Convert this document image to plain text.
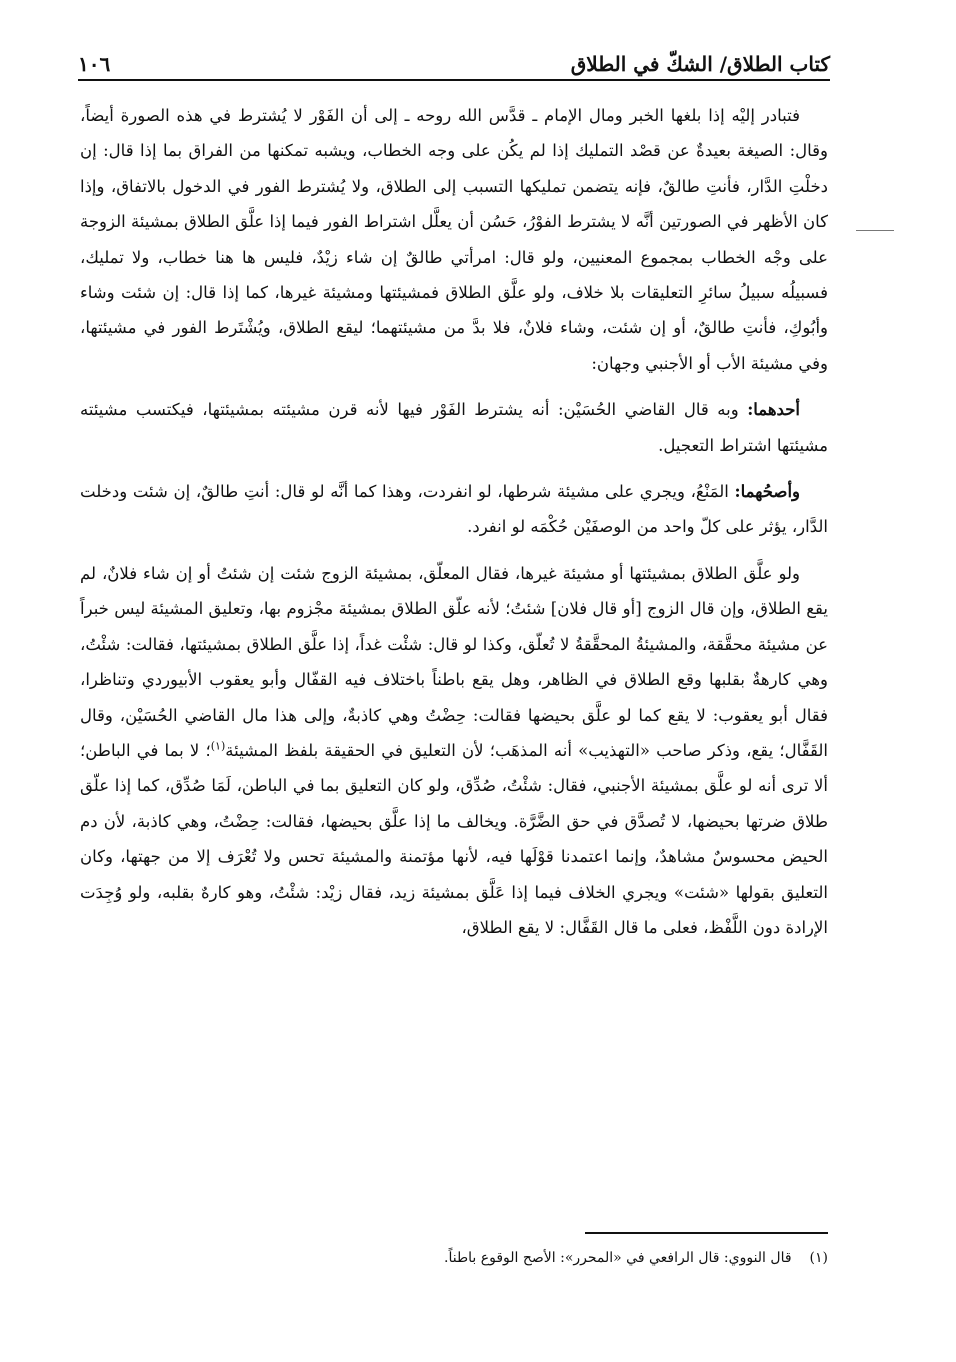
كتاب الطلاق/ الشكّ في الطلاق
١٠٦

فتبادر إليْه إذا بلغها الخبر ومال الإمام ـ قدَّس الله روحه ـ إلى أن الفَوْر لا يُشترط في هذه الصورة أيضاً، وقال: الصيغة بعيدةٌ عن قصْد التمليك إذا لم يكُن على وجه الخطاب، ويشبه تمكنها من الفراق بما إذا قال: إن دخلْتِ الدَّار، فأنتِ طالقٌ، فإنه يتضمن تمليكها التسبب إلى الطلاق، ولا يُشترط الفور في الدخول بالاتفاق، وإذا كان الأظهر في الصورتين أنَّه لا يشترط الفوْرُ، حَسُن أن يعلَّل اشتراط الفور فيما إذا علَّق الطلاق بمشيئة الزوجة على وجْه الخطاب بمجموع المعنيين، ولو قال: امرأتي طالقٌ إن شاء زيْدٌ، فليس ها هنا خطاب، ولا تمليك، فسبيلُه سبيلُ سائرِ التعليقات بلا خلاف، ولو علَّق الطلاق فمشيئتها ومشيئة غيرها، كما إذا قال: إن شئت وشاء وأبُوكِ، فأنتِ طالقٌ، أو إن شئت، وشاء فلانٌ، فلا بدَّ من مشيئتهما؛ ليقع الطلاق، ويُشْتَرط الفور في مشيئتها، وفي مشيئة الأب أو الأجنبي وجهان:

أحدهما: وبه قال القاضي الحُسَيْن: أنه يشترط الفَوْر فيها لأنه قرن مشيئته بمشيئتها، فيكتسب مشيئته مشيئتها اشتراط التعجيل.

وأصحُهما: المَنْعُ، ويجري على مشيئة شرطها، لو انفردت، وهذا كما أنَّه لو قال: أنتِ طالقٌ، إن شئت ودخلت الدَّار، يؤثر على كلّ واحد من الوصفَيْن حُكْمَه لو انفرد.

ولو علَّق الطلاق بمشيئتها أو مشيئة غيرها، فقال المعلّق، بمشيئة الزوج شئت إن شئتُ أو إن شاء فلانٌ، لم يقع الطلاق، وإن قال الزوج [أو قال فلان] شئتُ؛ لأنه علّق الطلاق بمشيئة مجْزوم بها، وتعليق المشيئة ليس خبراً عن مشيئة محقَّقة، والمشيئةُ المحقَّقةُ لا تُعلّق، وكذا لو قال: شئْت غداً، إذا علَّق الطلاق بمشيئتها، فقالت: شئْتُ، وهي كارهةٌ بقلبها وقع الطلاق في الظاهر، وهل يقع باطناً باختلاف فيه القفّال وأبو يعقوب الأبيوردي وتناظرا، فقال أبو يعقوب: لا يقع كما لو علَّق بحيضها فقالت: حِضْتُ وهي كاذبةٌ، وإلى هذا مال القاضي الحُسَيْن، وقال القَفَّال؛ يقع، وذكر صاحب «التهذيب» أنه المذهَب؛ لأن التعليق في الحقيقة بلفظ المشيئة$^{(١)}$؛ لا بما في الباطن؛ ألا ترى أنه لو علَّق بمشيئة الأجنبي، فقال: شئْتُ، صُدِّق، ولو كان التعليق بما في الباطن، لَمَا صُدِّق، كما إذا علّق طلاق ضرتها بحيضها، لا تُصدَّق في حق الضَّرَّة. ويخالف ما إذا علَّق بحيضها، فقالت: حِضْتُ، وهي كاذبة، لأن دم الحيض محسوسٌ مشاهدٌ، وإنما اعتمدنا قوْلَها فيه، لأنها مؤتمنة والمشيئة تحس ولا تُعْرَف إلا من جهتها، وكان التعليق بقولها «شئت» ويجري الخلاف فيما إذا عَلَّق بمشيئة زيد، فقال زيْد: شئْتُ، وهو كارهٌ بقلبه، ولو وُجِدَت الإرادة دون اللَّفْظ، فعلى ما قال القَفَّال: لا يقع الطلاق،

(١)
قال النووي: قال الرافعي في «المحرر»: الأصح الوقوع باطناً.
